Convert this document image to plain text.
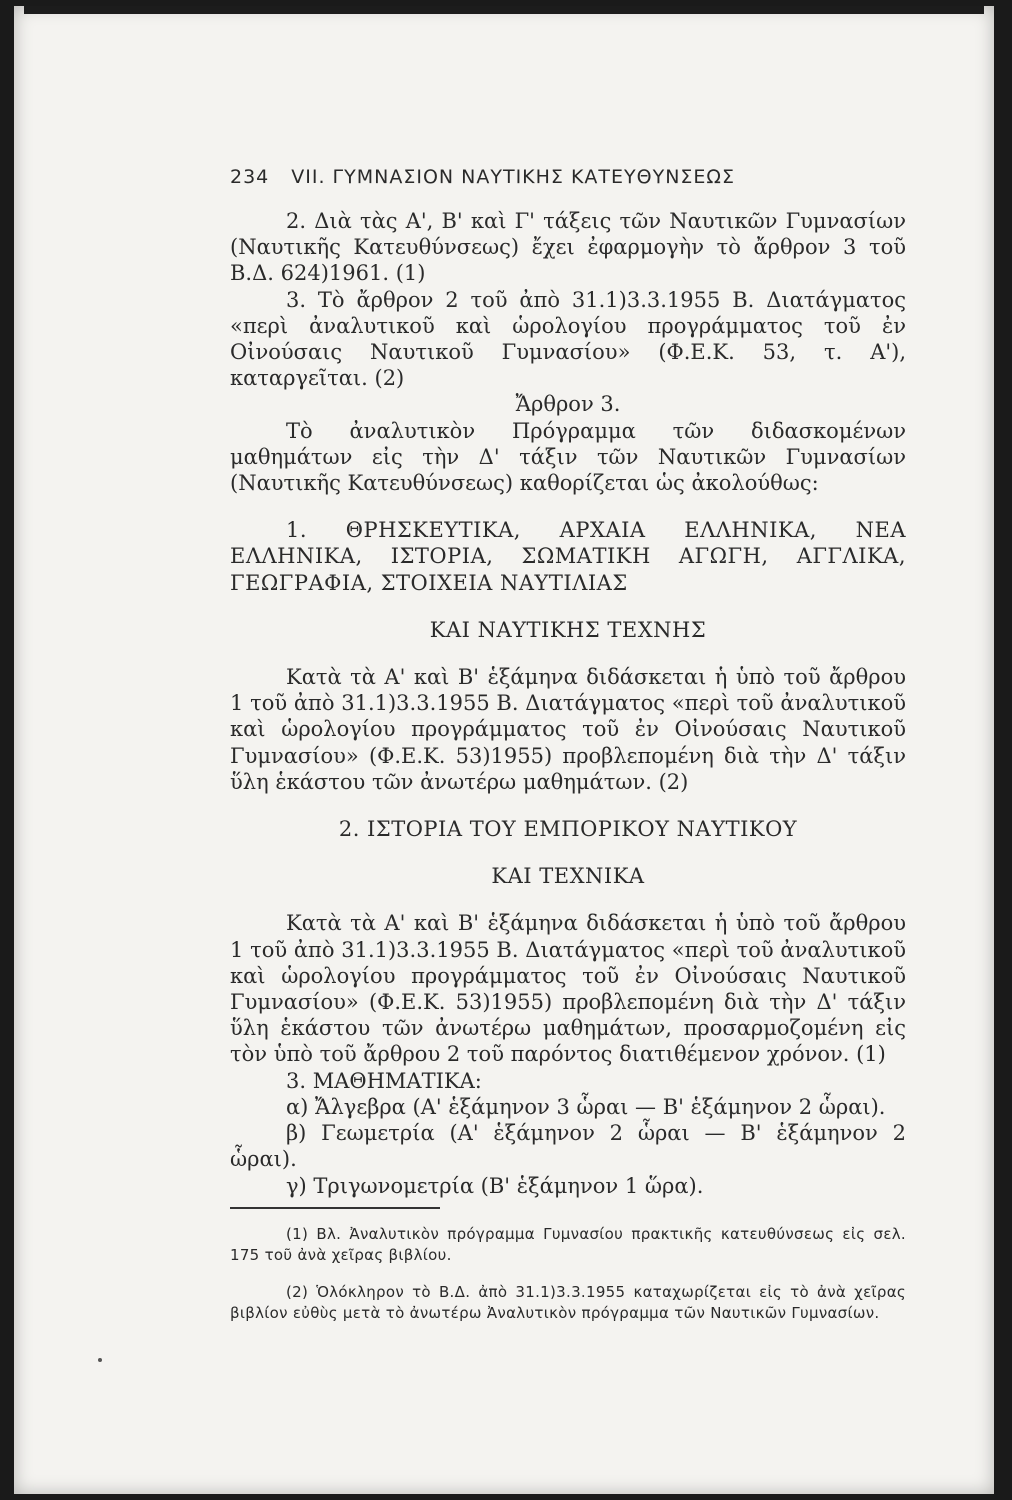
234 VII. ΓΥΜΝΑΣΙΟΝ ΝΑΥΤΙΚΗΣ ΚΑΤΕΥΘΥΝΣΕΩΣ

2. Διὰ τὰς Α', Β' καὶ Γ' τάξεις τῶν Ναυτικῶν Γυμνασίων (Ναυτικῆς Κατευθύνσεως) ἔχει ἐφαρμογὴν τὸ ἄρθρον 3 τοῦ Β.Δ. 624)1961. (1)

3. Τὸ ἄρθρον 2 τοῦ ἀπὸ 31.1)3.3.1955 Β. Διατάγματος «περὶ ἀναλυτικοῦ καὶ ὡρολογίου προγράμματος τοῦ ἐν Οἰνούσαις Ναυτικοῦ Γυμνασίου» (Φ.Ε.Κ. 53, τ. Α'), καταργεῖται. (2)

Ἄρθρον 3.

Τὸ ἀναλυτικὸν Πρόγραμμα τῶν διδασκομένων μαθημάτων εἰς τὴν Δ' τάξιν τῶν Ναυτικῶν Γυμνασίων (Ναυτικῆς Κατευθύνσεως) καθορίζεται ὡς ἀκολούθως:

1. ΘΡΗΣΚΕΥΤΙΚΑ, ΑΡΧΑΙΑ ΕΛΛΗΝΙΚΑ, ΝΕΑ ΕΛΛΗΝΙΚΑ, ΙΣΤΟΡΙΑ, ΣΩΜΑΤΙΚΗ ΑΓΩΓΗ, ΑΓΓΛΙΚΑ, ΓΕΩΓΡΑΦΙΑ, ΣΤΟΙΧΕΙΑ ΝΑΥΤΙΛΙΑΣ

ΚΑΙ ΝΑΥΤΙΚΗΣ ΤΕΧΝΗΣ

Κατὰ τὰ Α' καὶ Β' ἑξάμηνα διδάσκεται ἡ ὑπὸ τοῦ ἄρθρου 1 τοῦ ἀπὸ 31.1)3.3.1955 Β. Διατάγματος «περὶ τοῦ ἀναλυτικοῦ καὶ ὡρολογίου προγράμματος τοῦ ἐν Οἰνούσαις Ναυτικοῦ Γυμνασίου» (Φ.Ε.Κ. 53)1955) προβλεπομένη διὰ τὴν Δ' τάξιν ὕλη ἑκάστου τῶν ἀνωτέρω μαθημάτων. (2)

2. ΙΣΤΟΡΙΑ ΤΟΥ ΕΜΠΟΡΙΚΟΥ ΝΑΥΤΙΚΟΥ

ΚΑΙ ΤΕΧΝΙΚΑ

Κατὰ τὰ Α' καὶ Β' ἑξάμηνα διδάσκεται ἡ ὑπὸ τοῦ ἄρθρου 1 τοῦ ἀπὸ 31.1)3.3.1955 Β. Διατάγματος «περὶ τοῦ ἀναλυτικοῦ καὶ ὡρολογίου προγράμματος τοῦ ἐν Οἰνούσαις Ναυτικοῦ Γυμνασίου» (Φ.Ε.Κ. 53)1955) προβλεπομένη διὰ τὴν Δ' τάξιν ὕλη ἑκάστου τῶν ἀνωτέρω μαθημάτων, προσαρμοζομένη εἰς τὸν ὑπὸ τοῦ ἄρθρου 2 τοῦ παρόντος διατιθέμενον χρόνον. (1)

3. ΜΑΘΗΜΑΤΙΚΑ:

α) Ἄλγεβρα (Α' ἑξάμηνον 3 ὧραι — Β' ἑξάμηνον 2 ὧραι).

β) Γεωμετρία (Α' ἑξάμηνον 2 ὧραι — Β' ἑξάμηνον 2 ὧραι).

γ) Τριγωνομετρία (Β' ἑξάμηνον 1 ὥρα).

(1) Βλ. Ἀναλυτικὸν πρόγραμμα Γυμνασίου πρακτικῆς κατευθύνσεως εἰς σελ. 175 τοῦ ἀνὰ χεῖρας βιβλίου.

(2) Ὁλόκληρον τὸ Β.Δ. ἀπὸ 31.1)3.3.1955 καταχωρίζεται εἰς τὸ ἀνὰ χεῖρας βιβλίον εὐθὺς μετὰ τὸ ἀνωτέρω Ἀναλυτικὸν πρόγραμμα τῶν Ναυτικῶν Γυμνασίων.
